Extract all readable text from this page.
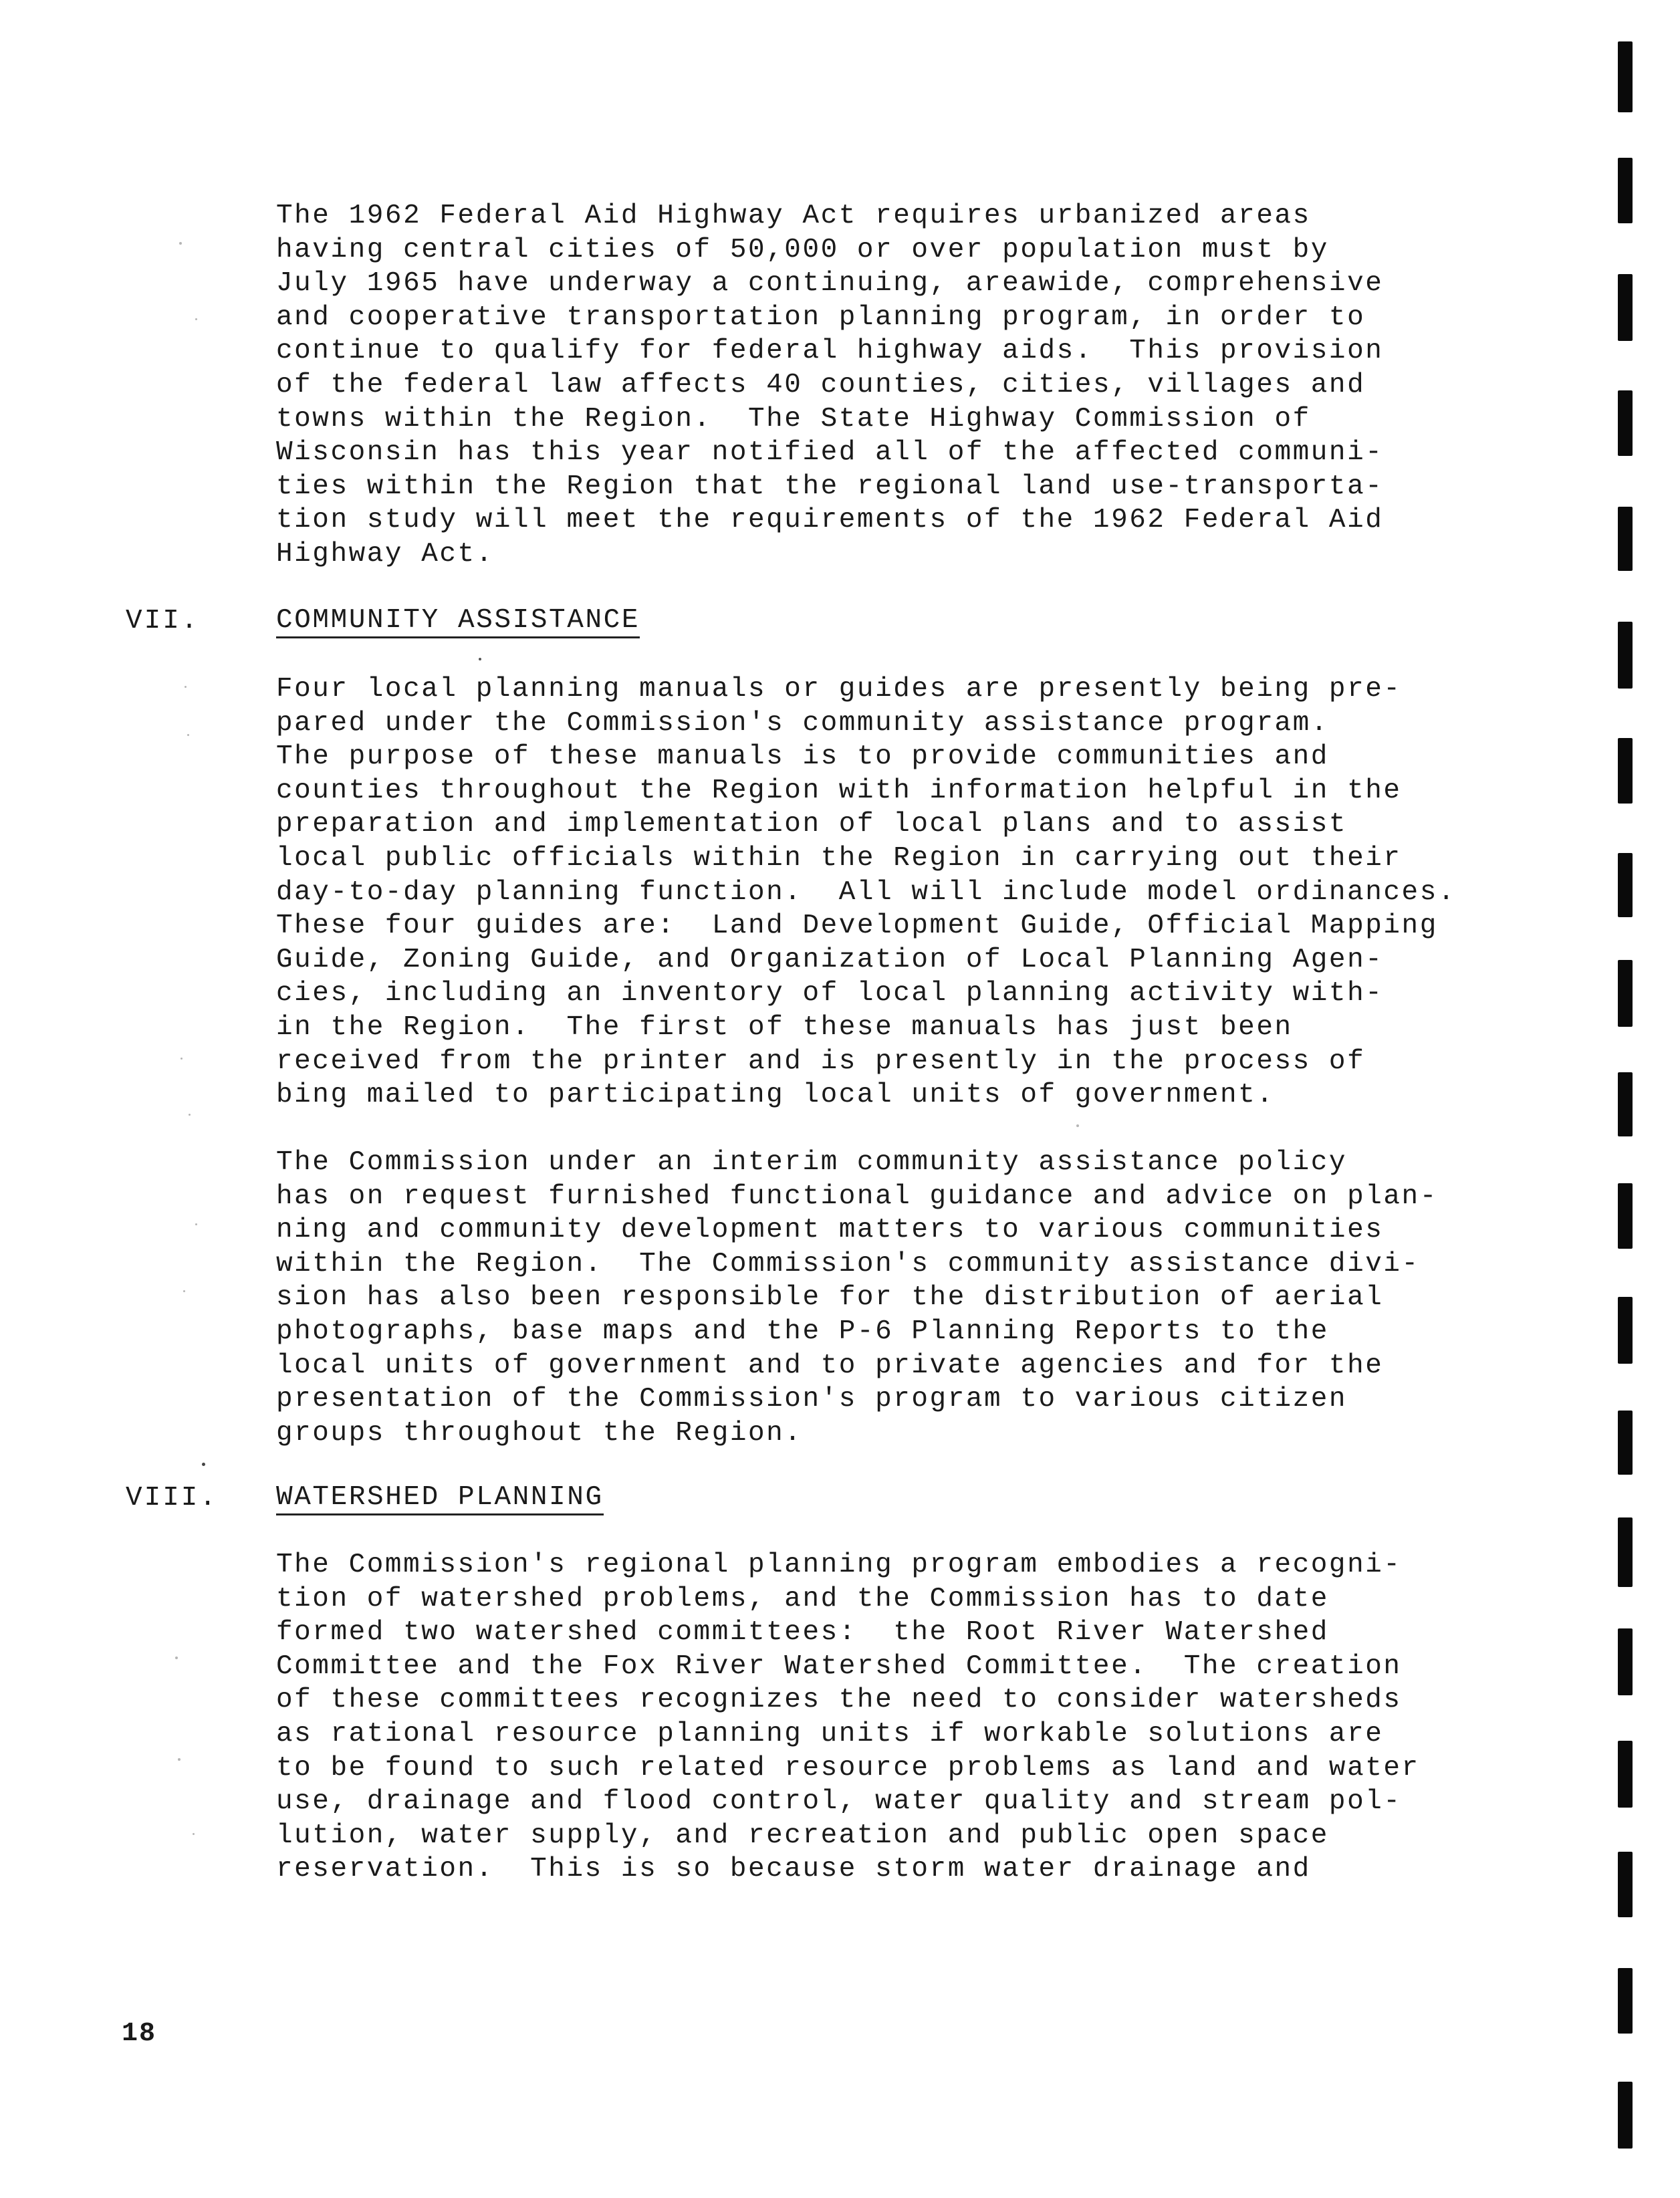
The 1962 Federal Aid Highway Act requires urbanized areas
having central cities of 50,000 or over population must by
July 1965 have underway a continuing, areawide, comprehensive
and cooperative transportation planning program, in order to
continue to qualify for federal highway aids.  This provision
of the federal law affects 40 counties, cities, villages and
towns within the Region.  The State Highway Commission of
Wisconsin has this year notified all of the affected communi-
ties within the Region that the regional land use-transporta-
tion study will meet the requirements of the 1962 Federal Aid
Highway Act.
VII.	COMMUNITY ASSISTANCE
Four local planning manuals or guides are presently being pre-
pared under the Commission's community assistance program.
The purpose of these manuals is to provide communities and
counties throughout the Region with information helpful in the
preparation and implementation of local plans and to assist
local public officials within the Region in carrying out their
day-to-day planning function.  All will include model ordinances.
These four guides are:  Land Development Guide, Official Mapping
Guide, Zoning Guide, and Organization of Local Planning Agen-
cies, including an inventory of local planning activity with-
in the Region.  The first of these manuals has just been
received from the printer and is presently in the process of
bing mailed to participating local units of government.
The Commission under an interim community assistance policy
has on request furnished functional guidance and advice on plan-
ning and community development matters to various communities
within the Region.  The Commission's community assistance divi-
sion has also been responsible for the distribution of aerial
photographs, base maps and the P-6 Planning Reports to the
local units of government and to private agencies and for the
presentation of the Commission's program to various citizen
groups throughout the Region.
VIII. WATERSHED PLANNING
The Commission's regional planning program embodies a recogni-
tion of watershed problems, and the Commission has to date
formed two watershed committees:  the Root River Watershed
Committee and the Fox River Watershed Committee.  The creation
of these committees recognizes the need to consider watersheds
as rational resource planning units if workable solutions are
to be found to such related resource problems as land and water
use, drainage and flood control, water quality and stream pol-
lution, water supply, and recreation and public open space
reservation.  This is so because storm water drainage and
18
